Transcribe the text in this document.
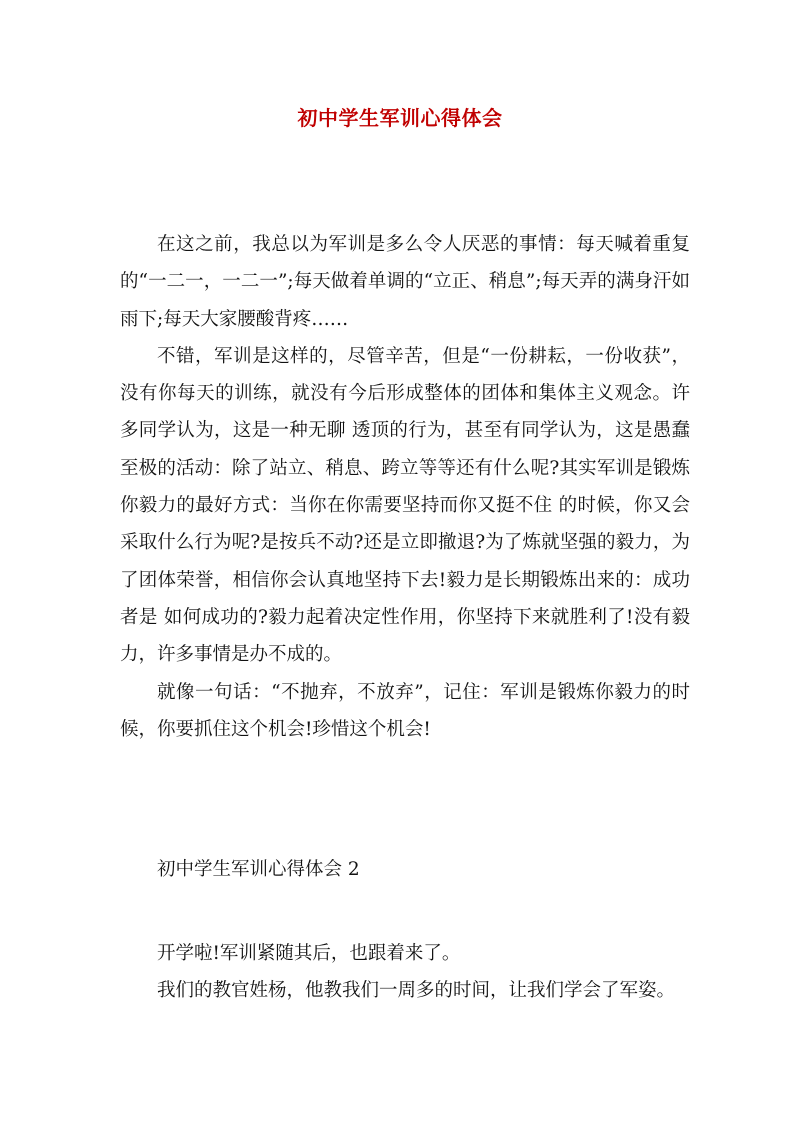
初中学生军训心得体会

在这之前，我总以为军训是多么令人厌恶的事情：每天喊着重复的“一二一，一二一”;每天做着单调的“立正、稍息”;每天弄的满身汗如雨下;每天大家腰酸背疼……

不错，军训是这样的，尽管辛苦，但是“一份耕耘，一份收获”，没有你每天的训练，就没有今后形成整体的团体和集体主义观念。许多同学认为，这是一种无聊 透顶的行为，甚至有同学认为，这是愚蠢至极的活动：除了站立、稍息、跨立等等还有什么呢?其实军训是锻炼你毅力的最好方式：当你在你需要坚持而你又挺不住 的时候，你又会采取什么行为呢?是按兵不动?还是立即撤退?为了炼就坚强的毅力，为了团体荣誉，相信你会认真地坚持下去!毅力是长期锻炼出来的：成功者是 如何成功的?毅力起着决定性作用，你坚持下来就胜利了!没有毅力，许多事情是办不成的。

就像一句话：“不抛弃，不放弃”，记住：军训是锻炼你毅力的时候，你要抓住这个机会!珍惜这个机会!

初中学生军训心得体会 2

开学啦!军训紧随其后，也跟着来了。

我们的教官姓杨，他教我们一周多的时间，让我们学会了军姿。
